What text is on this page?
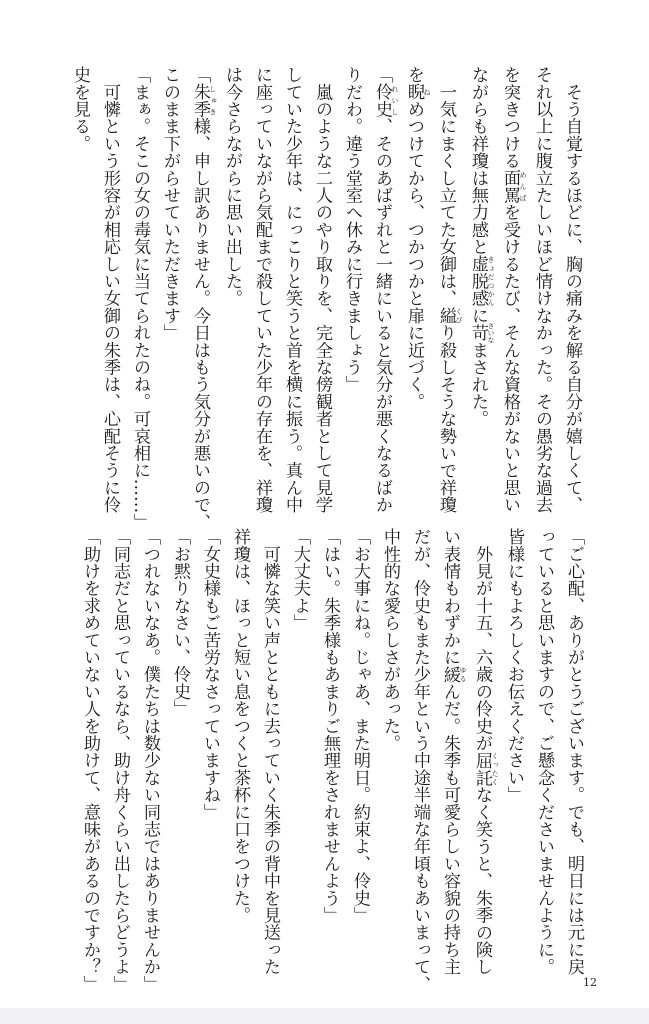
　そう自覚するほどに、胸の痛みを解る自分が嬉しくて、
それ以上に腹立たしいほど情けなかった。その愚劣な過去
を突きつける面罵 めんばを受けるたび、そんな資格がないと思い
ながらも祥瓊は無力感と虚脱感 きょだつかんに苛 さいなまされた。
　一気にまくし立てた女御は、縊 くびり殺しそうな勢いで祥瓊
を睨 ねめつけてから、つかつかと扉に近づく。
「伶史 れいし、そのあばずれと一緒にいると気分が悪くなるばか
りだわ。違う堂室へ休みに行きましょう」
　嵐のような二人のやり取りを、完全な傍観者として見学
していた少年は、にっこりと笑うと首を横に振う。真ん中
に座っていながら気配まで殺していた少年の存在を、祥瓊
は今さらながらに思い出した。
「朱季 しゅき様、申し訳ありません。今日はもう気分が悪いので、
このまま下がらせていただきます」
「まぁ。そこの女の毒気に当てられたのね。可哀相に……」
　可憐という形容が相応しい女御の朱季は、心配そうに伶
史を見る。
「ご心配、ありがとうございます。でも、明日には元に戻
っていると思いますので、ご懸念くださいませんように。
皆様にもよろしくお伝えください」
　外見が十五、六歳の伶史が屈託 くったくなく笑うと、朱季の険し
い表情もわずかに緩 ゆるんだ。朱季も可愛らしい容貌の持ち主
だが、伶史もまた少年という中途半端な年頃もあいまって、
中性的な愛らしさがあった。
「お大事にね。じゃあ、また明日。約束よ、伶史」
「はい。朱季様もあまりご無理をされませんよう」
「大丈夫よ」
　可憐な笑い声とともに去っていく朱季の背中を見送った
祥瓊は、ほっと短い息をつくと茶杯に口をつけた。
「女史様もご苦労なさっていますね」
「お黙りなさい、伶史」
「つれないなあ。僕たちは数少ない同志ではありませんか」
「同志だと思っているなら、助け舟くらい出したらどうよ」
「助けを求めていない人を助けて、意味があるのですか？」	12
